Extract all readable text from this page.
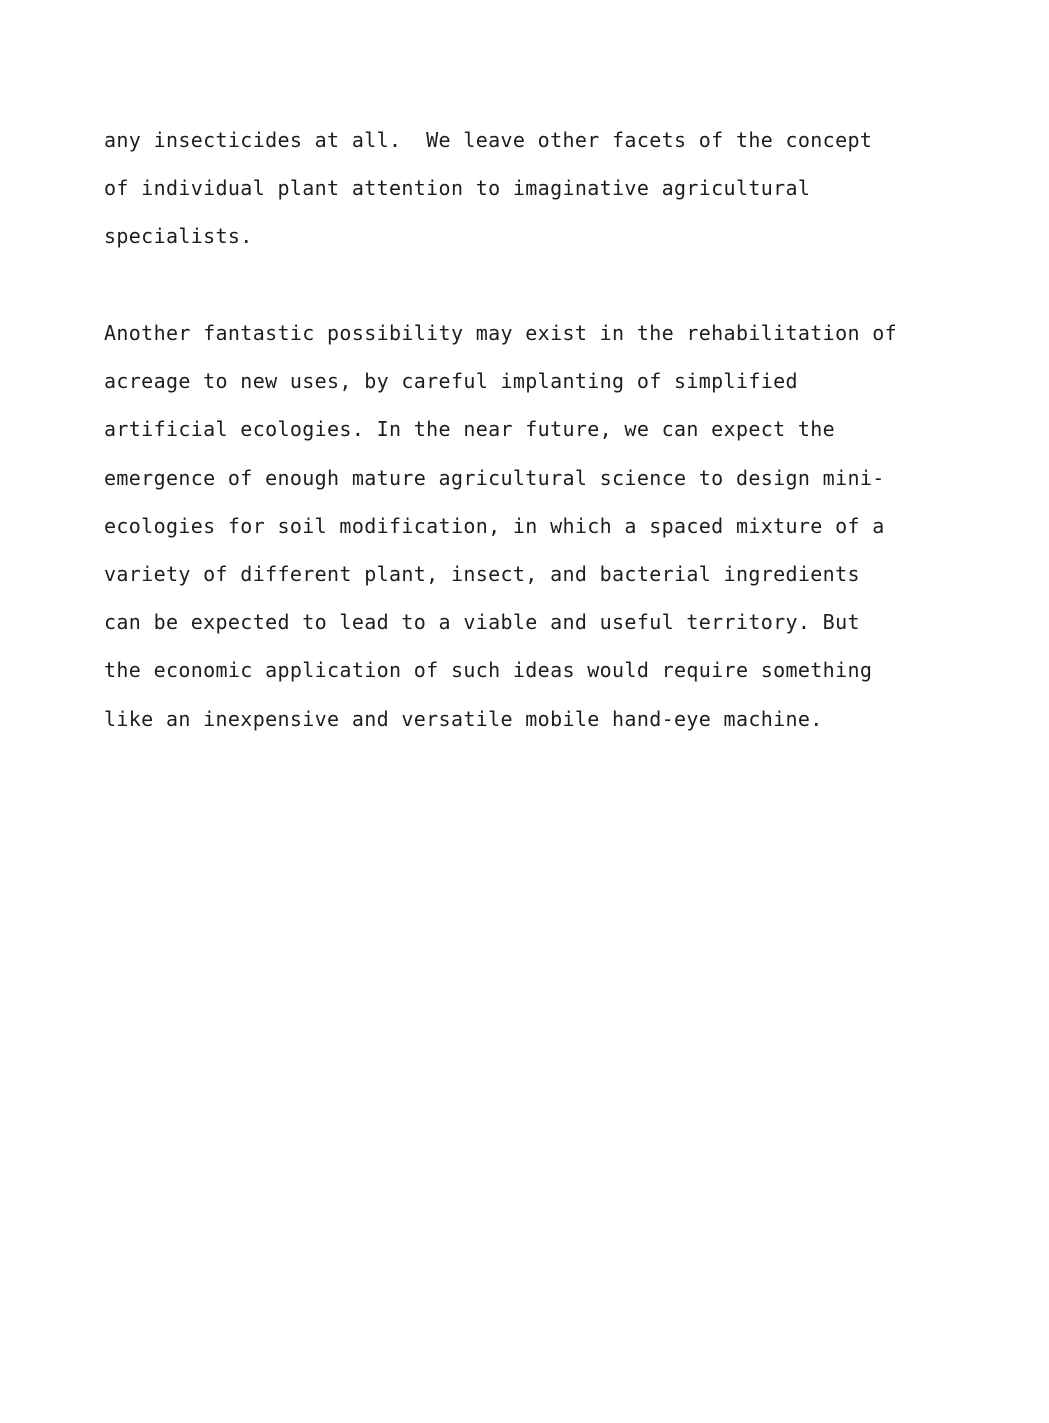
any insecticides at all.  We leave other facets of the concept
of individual plant attention to imaginative agricultural
specialists.
Another fantastic possibility may exist in the rehabilitation of
acreage to new uses, by careful implanting of simplified
artificial ecologies. In the near future, we can expect the
emergence of enough mature agricultural science to design mini-
ecologies for soil modification, in which a spaced mixture of a
variety of different plant, insect, and bacterial ingredients
can be expected to lead to a viable and useful territory. But
the economic application of such ideas would require something
like an inexpensive and versatile mobile hand-eye machine.
